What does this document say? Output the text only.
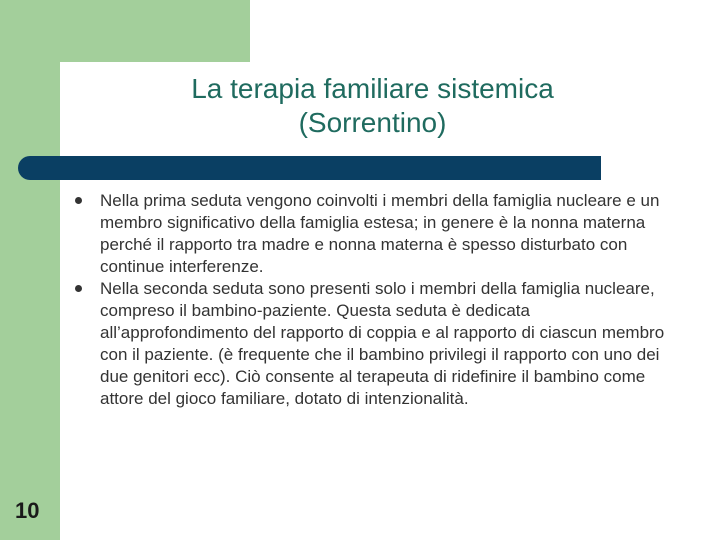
La terapia familiare sistemica
(Sorrentino)
Nella prima seduta vengono coinvolti i membri della famiglia nucleare e un membro significativo della famiglia estesa; in genere è la nonna materna perché il rapporto tra madre e nonna materna è spesso disturbato con continue interferenze.
Nella seconda seduta sono presenti solo i membri della famiglia nucleare, compreso il bambino-paziente. Questa seduta è dedicata all’approfondimento del rapporto di coppia e al rapporto di ciascun membro con il paziente. (è frequente che il bambino privilegi il rapporto con uno dei due genitori ecc). Ciò consente al terapeuta di ridefinire il bambino come attore del gioco familiare, dotato di intenzionalità.
10
